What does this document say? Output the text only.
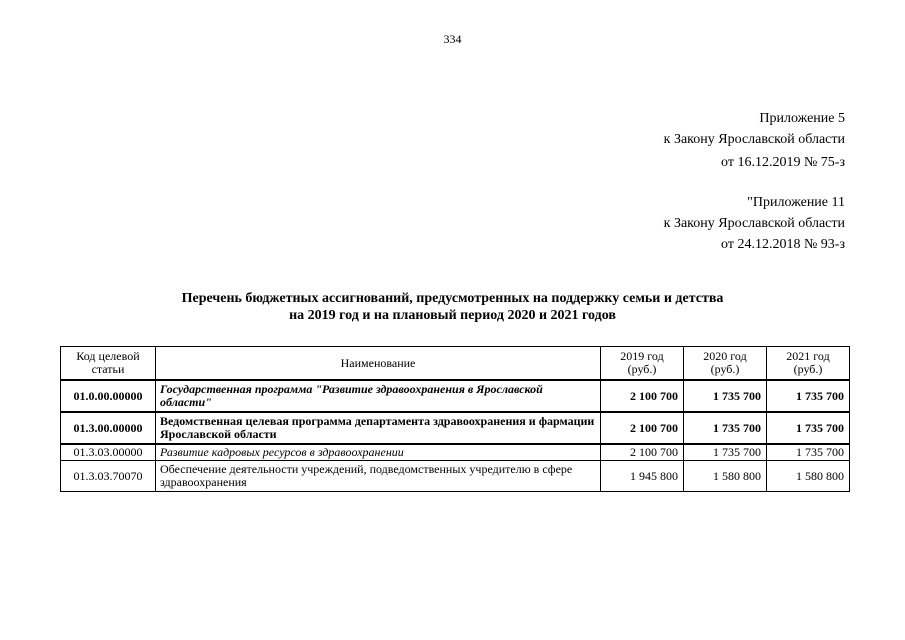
334
Приложение 5
к Закону Ярославской области
от 16.12.2019 № 75-з
"Приложение 11
к Закону Ярославской области
от 24.12.2018 № 93-з
Перечень бюджетных ассигнований, предусмотренных на поддержку семьи и детства
на 2019 год и на плановый период 2020 и 2021 годов
Код целевой статьи	Наименование	2019 год (руб.)	2020 год (руб.)	2021 год (руб.)
01.0.00.00000	Государственная программа "Развитие здравоохранения в Ярославской области"	2 100 700	1 735 700	1 735 700
01.3.00.00000	Ведомственная целевая программа департамента здравоохранения и фармации Ярославской области	2 100 700	1 735 700	1 735 700
01.3.03.00000	Развитие кадровых ресурсов в здравоохранении	2 100 700	1 735 700	1 735 700
01.3.03.70070	Обеспечение деятельности учреждений, подведомственных учредителю в сфере здравоохранения	1 945 800	1 580 800	1 580 800
